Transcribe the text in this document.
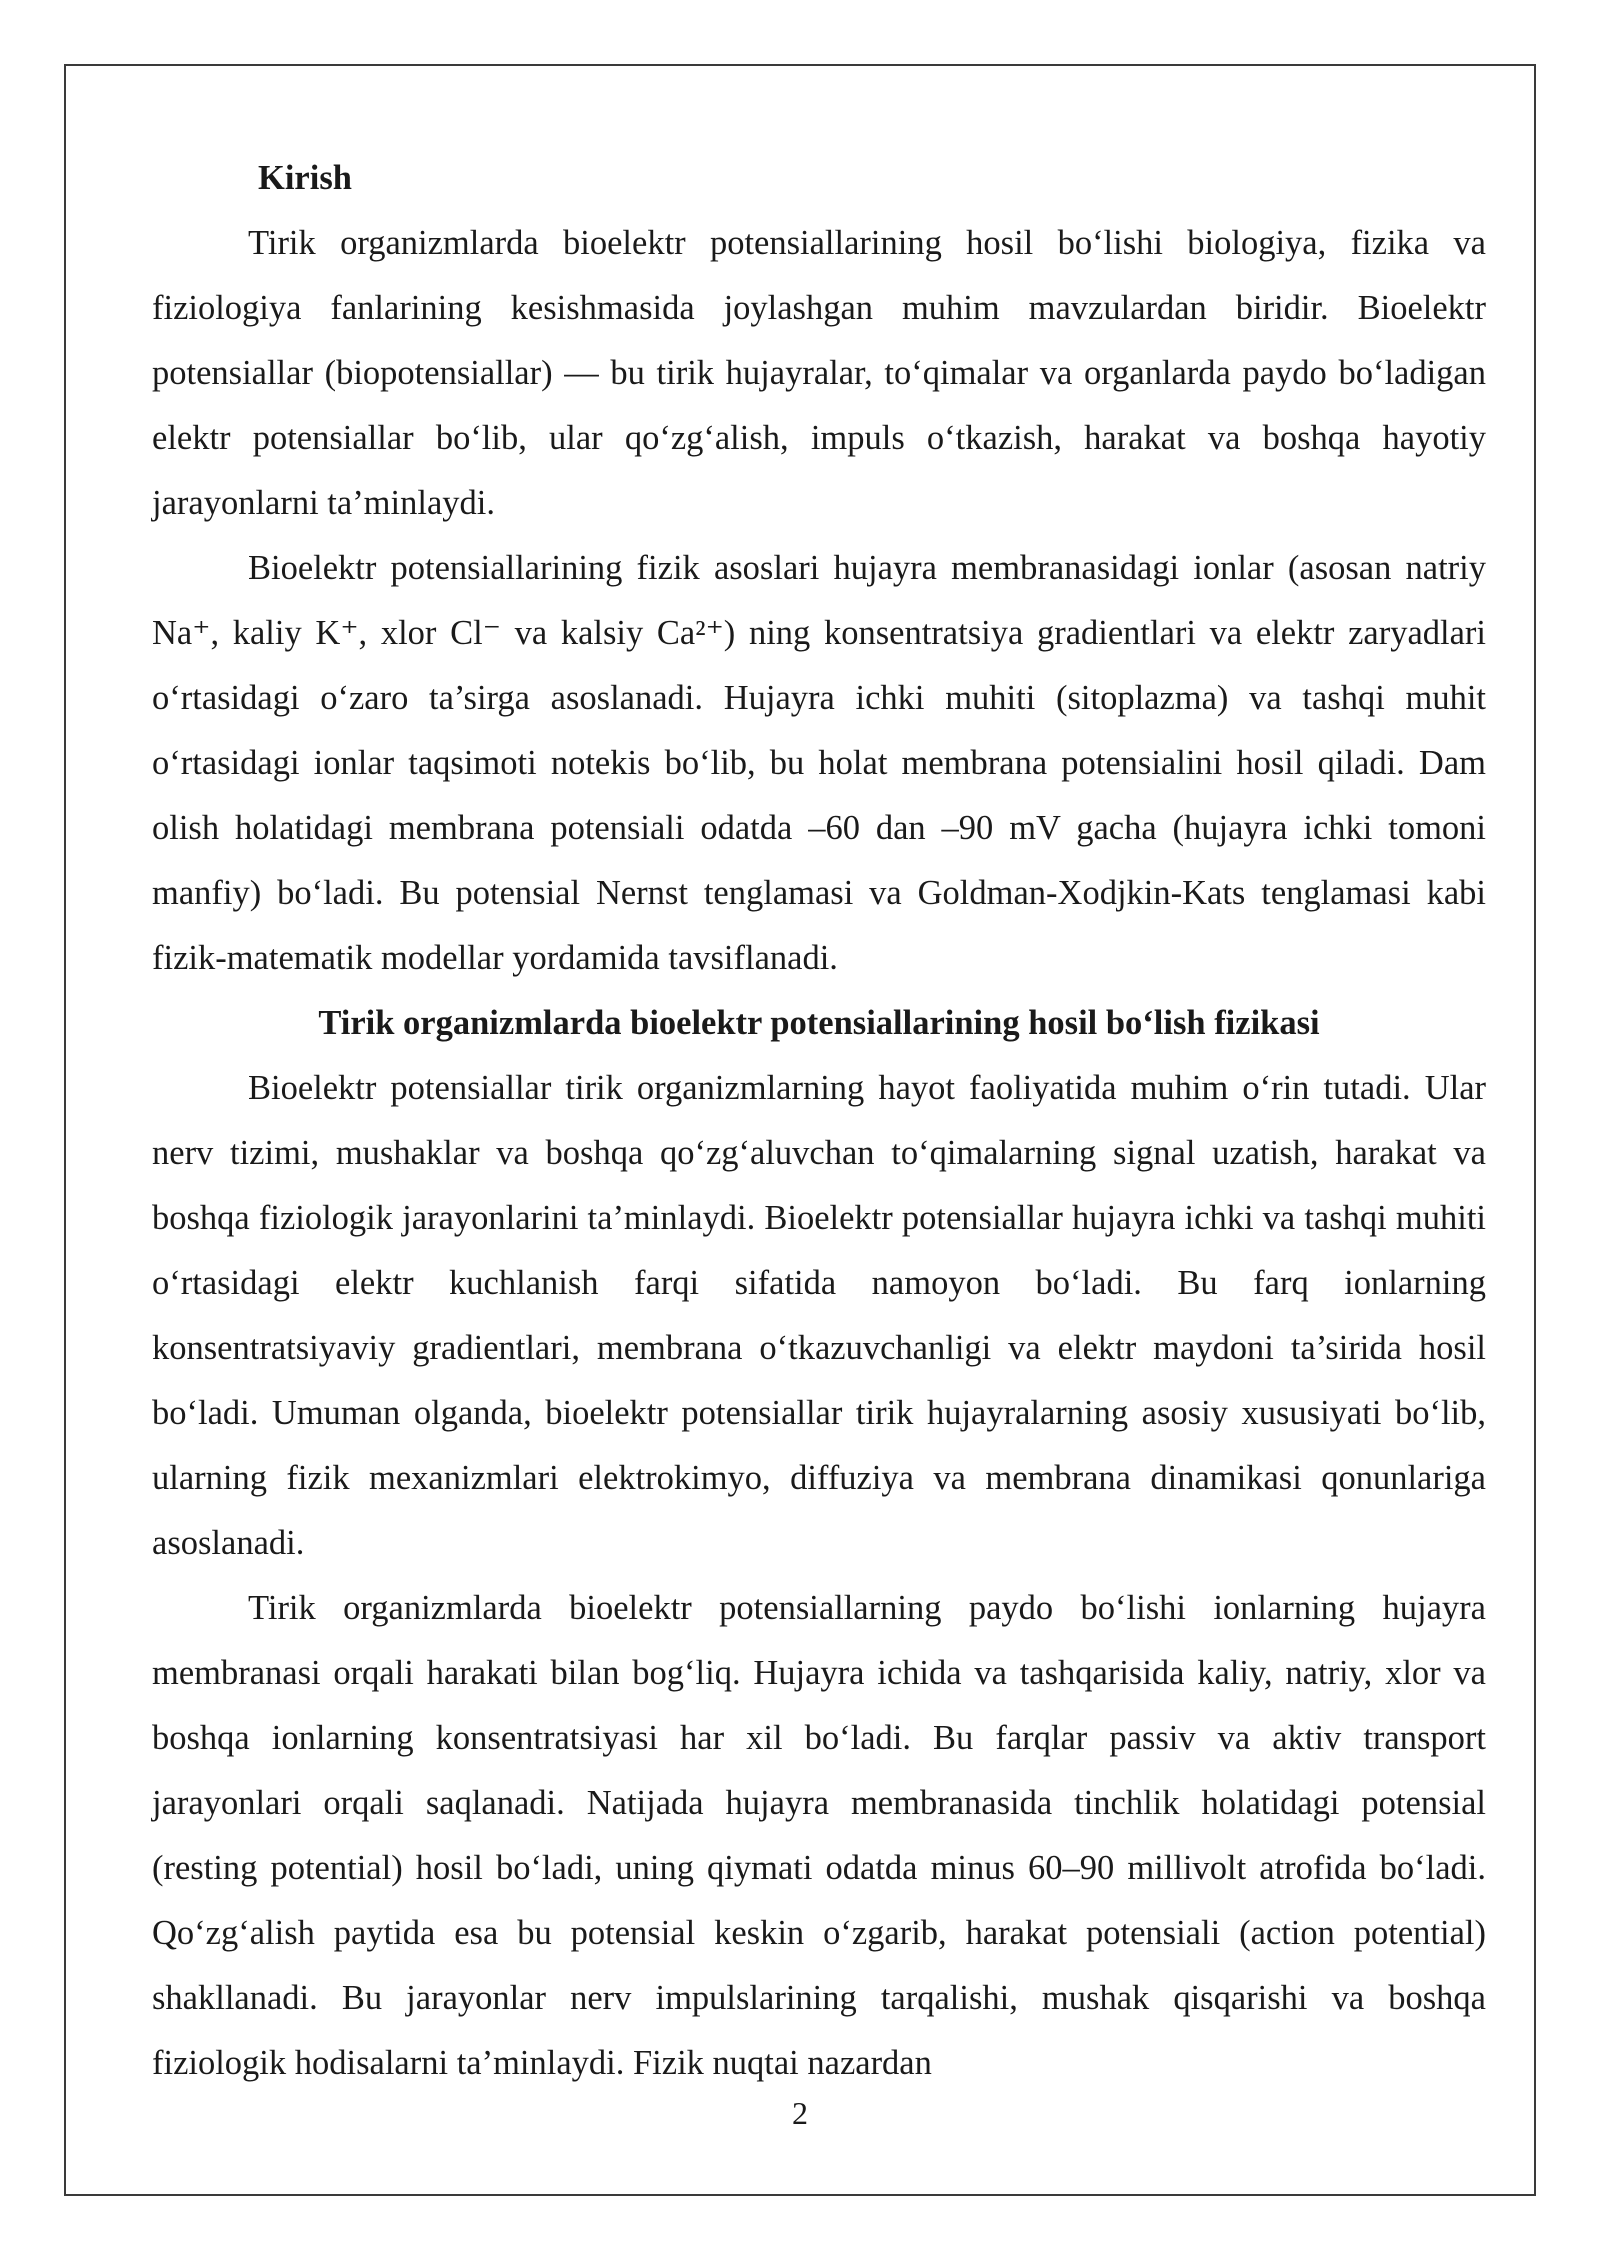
Kirish

Tirik organizmlarda bioelektr potensiallarining hosil bo‘lishi biologiya, fizika va fiziologiya fanlarining kesishmasida joylashgan muhim mavzulardan biridir. Bioelektr potensiallar (biopotensiallar) — bu tirik hujayralar, to‘qimalar va organlarda paydo bo‘ladigan elektr potensiallar bo‘lib, ular qo‘zg‘alish, impuls o‘tkazish, harakat va boshqa hayotiy jarayonlarni ta’minlaydi.

Bioelektr potensiallarining fizik asoslari hujayra membranasidagi ionlar (asosan natriy Na⁺, kaliy K⁺, xlor Cl⁻ va kalsiy Ca²⁺) ning konsentratsiya gradientlari va elektr zaryadlari o‘rtasidagi o‘zaro ta’sirga asoslanadi. Hujayra ichki muhiti (sitoplazma) va tashqi muhit o‘rtasidagi ionlar taqsimoti notekis bo‘lib, bu holat membrana potensialini hosil qiladi. Dam olish holatidagi membrana potensiali odatda –60 dan –90 mV gacha (hujayra ichki tomoni manfiy) bo‘ladi. Bu potensial Nernst tenglamasi va Goldman-Xodjkin-Kats tenglamasi kabi fizik-matematik modellar yordamida tavsiflanadi.

Tirik organizmlarda bioelektr potensiallarining hosil bo‘lish fizikasi

Bioelektr potensiallar tirik organizmlarning hayot faoliyatida muhim o‘rin tutadi. Ular nerv tizimi, mushaklar va boshqa qo‘zg‘aluvchan to‘qimalarning signal uzatish, harakat va boshqa fiziologik jarayonlarini ta’minlaydi. Bioelektr potensiallar hujayra ichki va tashqi muhiti o‘rtasidagi elektr kuchlanish farqi sifatida namoyon bo‘ladi. Bu farq ionlarning konsentratsiyaviy gradientlari, membrana o‘tkazuvchanligi va elektr maydoni ta’sirida hosil bo‘ladi. Umuman olganda, bioelektr potensiallar tirik hujayralarning asosiy xususiyati bo‘lib, ularning fizik mexanizmlari elektrokimyo, diffuziya va membrana dinamikasi qonunlariga asoslanadi.

Tirik organizmlarda bioelektr potensiallarning paydo bo‘lishi ionlarning hujayra membranasi orqali harakati bilan bog‘liq. Hujayra ichida va tashqarisida kaliy, natriy, xlor va boshqa ionlarning konsentratsiyasi har xil bo‘ladi. Bu farqlar passiv va aktiv transport jarayonlari orqali saqlanadi. Natijada hujayra membranasida tinchlik holatidagi potensial (resting potential) hosil bo‘ladi, uning qiymati odatda minus 60–90 millivolt atrofida bo‘ladi. Qo‘zg‘alish paytida esa bu potensial keskin o‘zgarib, harakat potensiali (action potential) shakllanadi. Bu jarayonlar nerv impulslarining tarqalishi, mushak qisqarishi va boshqa fiziologik hodisalarni ta’minlaydi. Fizik nuqtai nazardan

2
